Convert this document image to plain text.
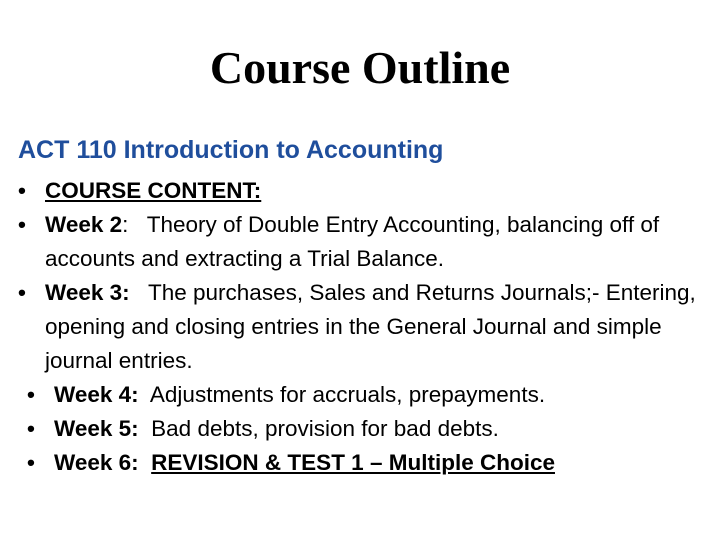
Course Outline
ACT 110 Introduction to Accounting
• COURSE CONTENT:
• Week 2: Theory of Double Entry Accounting, balancing off of accounts and extracting a Trial Balance.
• Week 3: The purchases, Sales and Returns Journals;- Entering, opening and closing entries in the General Journal and simple journal entries.
• Week 4: Adjustments for accruals, prepayments.
• Week 5: Bad debts, provision for bad debts.
• Week 6: REVISION & TEST 1 – Multiple Choice
